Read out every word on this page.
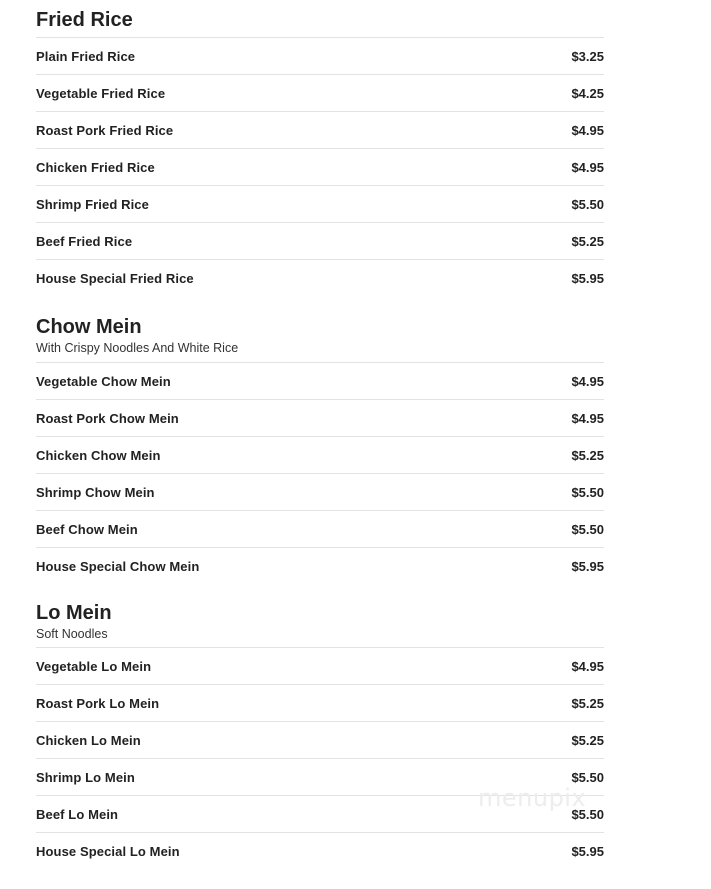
Fried Rice
Plain Fried Rice	$3.25
Vegetable Fried Rice	$4.25
Roast Pork Fried Rice	$4.95
Chicken Fried Rice	$4.95
Shrimp Fried Rice	$5.50
Beef Fried Rice	$5.25
House Special Fried Rice	$5.95
Chow Mein

With Crispy Noodles And White Rice

Vegetable Chow Mein	$4.95
Roast Pork Chow Mein	$4.95
Chicken Chow Mein	$5.25
Shrimp Chow Mein	$5.50
Beef Chow Mein	$5.50
House Special Chow Mein	$5.95
Lo Mein

Soft Noodles

Vegetable Lo Mein	$4.95
Roast Pork Lo Mein	$5.25
Chicken Lo Mein	$5.25
Shrimp Lo Mein	$5.50
Beef Lo Mein	$5.50
House Special Lo Mein	$5.95
menupix
